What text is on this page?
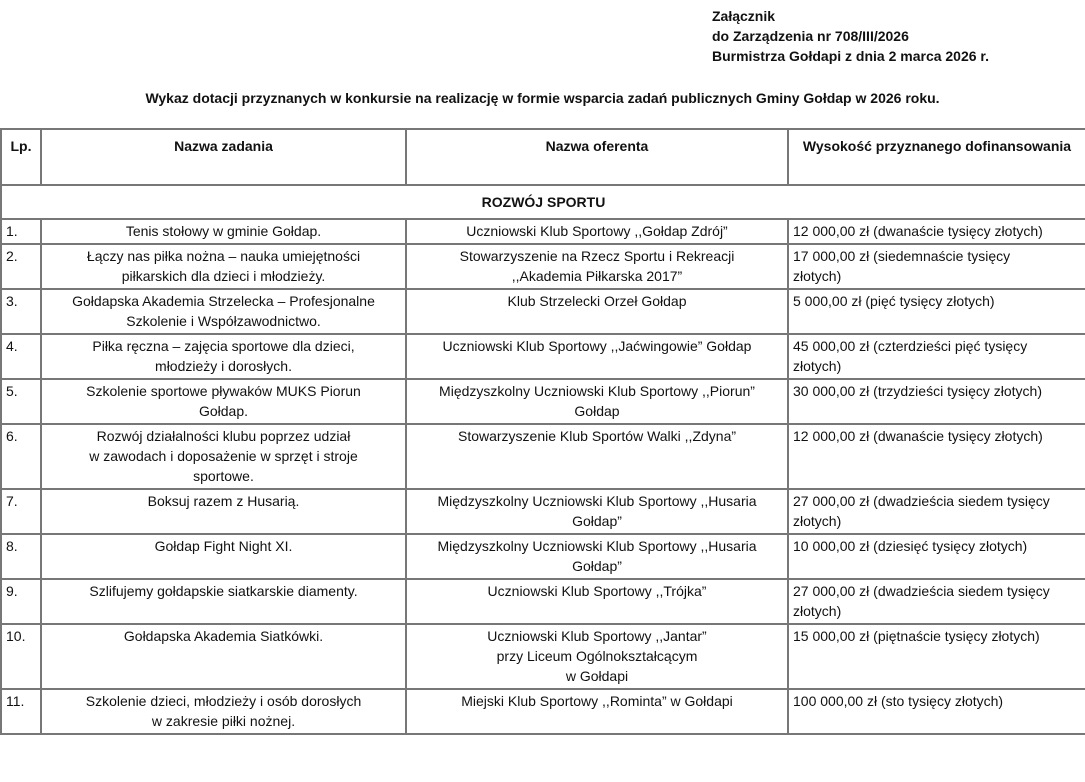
Załącznik
do Zarządzenia nr 708/III/2026
Burmistrza Gołdapi z dnia 2 marca 2026 r.
Wykaz dotacji przyznanych w konkursie na realizację w formie wsparcia zadań publicznych Gminy Gołdap w 2026 roku.
Lp.	Nazwa zadania	Nazwa oferenta	Wysokość przyznanego dofinansowania
ROZWÓJ SPORTU			
1.	Tenis stołowy w gminie Gołdap.	Uczniowski Klub Sportowy ,,Gołdap Zdrój”	12 000,00 zł (dwanaście tysięcy złotych)

2.	Łączy nas piłka nożna – nauka umiejętności
piłkarskich dla dzieci i młodzieży.	Stowarzyszenie na Rzecz Sportu i Rekreacji
,,Akademia Piłkarska 2017”	17 000,00 zł (siedemnaście tysięcy
złotych)

3.	Gołdapska Akademia Strzelecka – Profesjonalne
Szkolenie i Współzawodnictwo.	Klub Strzelecki Orzeł Gołdap	5 000,00 zł (pięć tysięcy złotych)

4.	Piłka ręczna – zajęcia sportowe dla dzieci,
młodzieży i dorosłych.	Uczniowski Klub Sportowy ,,Jaćwingowie” Gołdap	45 000,00 zł (czterdzieści pięć tysięcy
złotych)

5.	Szkolenie sportowe pływaków MUKS Piorun
Gołdap.	Międzyszkolny Uczniowski Klub Sportowy ,,Piorun”
Gołdap	30 000,00 zł (trzydzieści tysięcy złotych)

6.	Rozwój działalności klubu poprzez udział
w zawodach i doposażenie w sprzęt i stroje
sportowe.	Stowarzyszenie Klub Sportów Walki ,,Zdyna”	12 000,00 zł (dwanaście tysięcy złotych)

7.	Boksuj razem z Husarią.	Międzyszkolny Uczniowski Klub Sportowy ,,Husaria
Gołdap”	27 000,00 zł (dwadzieścia siedem tysięcy
złotych)

8.	Gołdap Fight Night XI.	Międzyszkolny Uczniowski Klub Sportowy ,,Husaria
Gołdap”	10 000,00 zł (dziesięć tysięcy złotych)

9.	Szlifujemy gołdapskie siatkarskie diamenty.	Uczniowski Klub Sportowy ,,Trójka”	27 000,00 zł (dwadzieścia siedem tysięcy
złotych)

10.	Gołdapska Akademia Siatkówki.	Uczniowski Klub Sportowy ,,Jantar”
przy Liceum Ogólnokształcącym
w Gołdapi	15 000,00 zł (piętnaście tysięcy złotych)

11.	Szkolenie dzieci, młodzieży i osób dorosłych
w zakresie piłki nożnej.	Miejski Klub Sportowy ,,Rominta” w Gołdapi	100 000,00 zł (sto tysięcy złotych)
